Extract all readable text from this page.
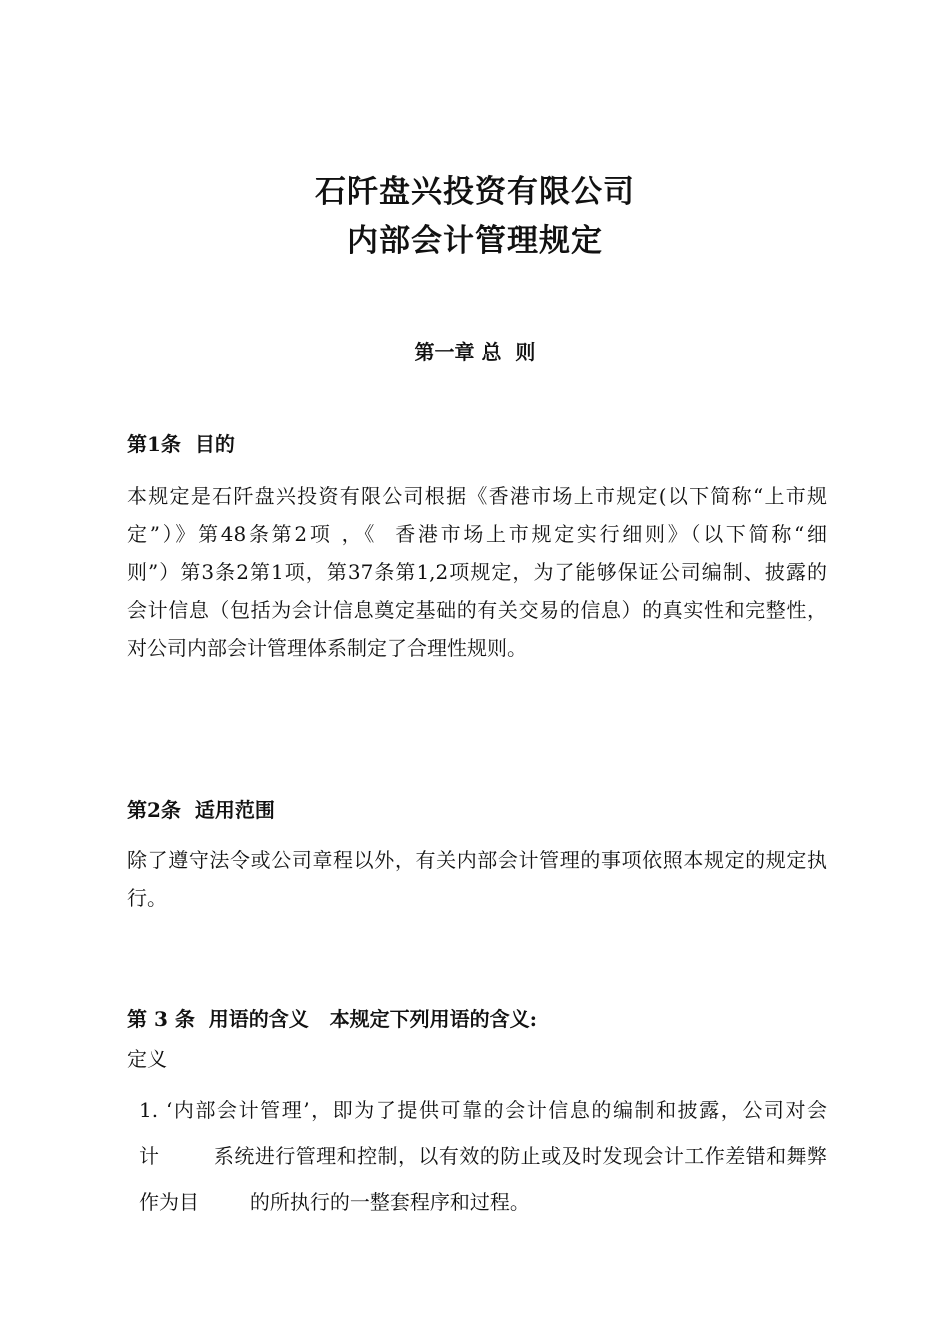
石阡盘兴投资有限公司
内部会计管理规定
第一章 总  则
第1条  目的
本规定是石阡盘兴投资有限公司根据《香港市场上市规定(以下简称“上市规
定”）》第48条第2项 ，《  香港市场上市规定实行细则》（以下简称“细
则”）第3条2第1项，第37条第1,2项规定，为了能够保证公司编制、披露的
会计信息（包括为会计信息奠定基础的有关交易的信息）的真实性和完整性，
对公司内部会计管理体系制定了合理性规则。
第2条  适用范围
除了遵守法令或公司章程以外，有关内部会计管理的事项依照本规定的规定执
行。
第 3 条  用语的含义   本规定下列用语的含义:

定义

1. ‘内部会计管理’，即为了提供可靠的会计信息的编制和披露，公司对会
计        系统进行管理和控制，以有效的防止或及时发现会计工作差错和舞弊
作为目        的所执行的一整套程序和过程。
